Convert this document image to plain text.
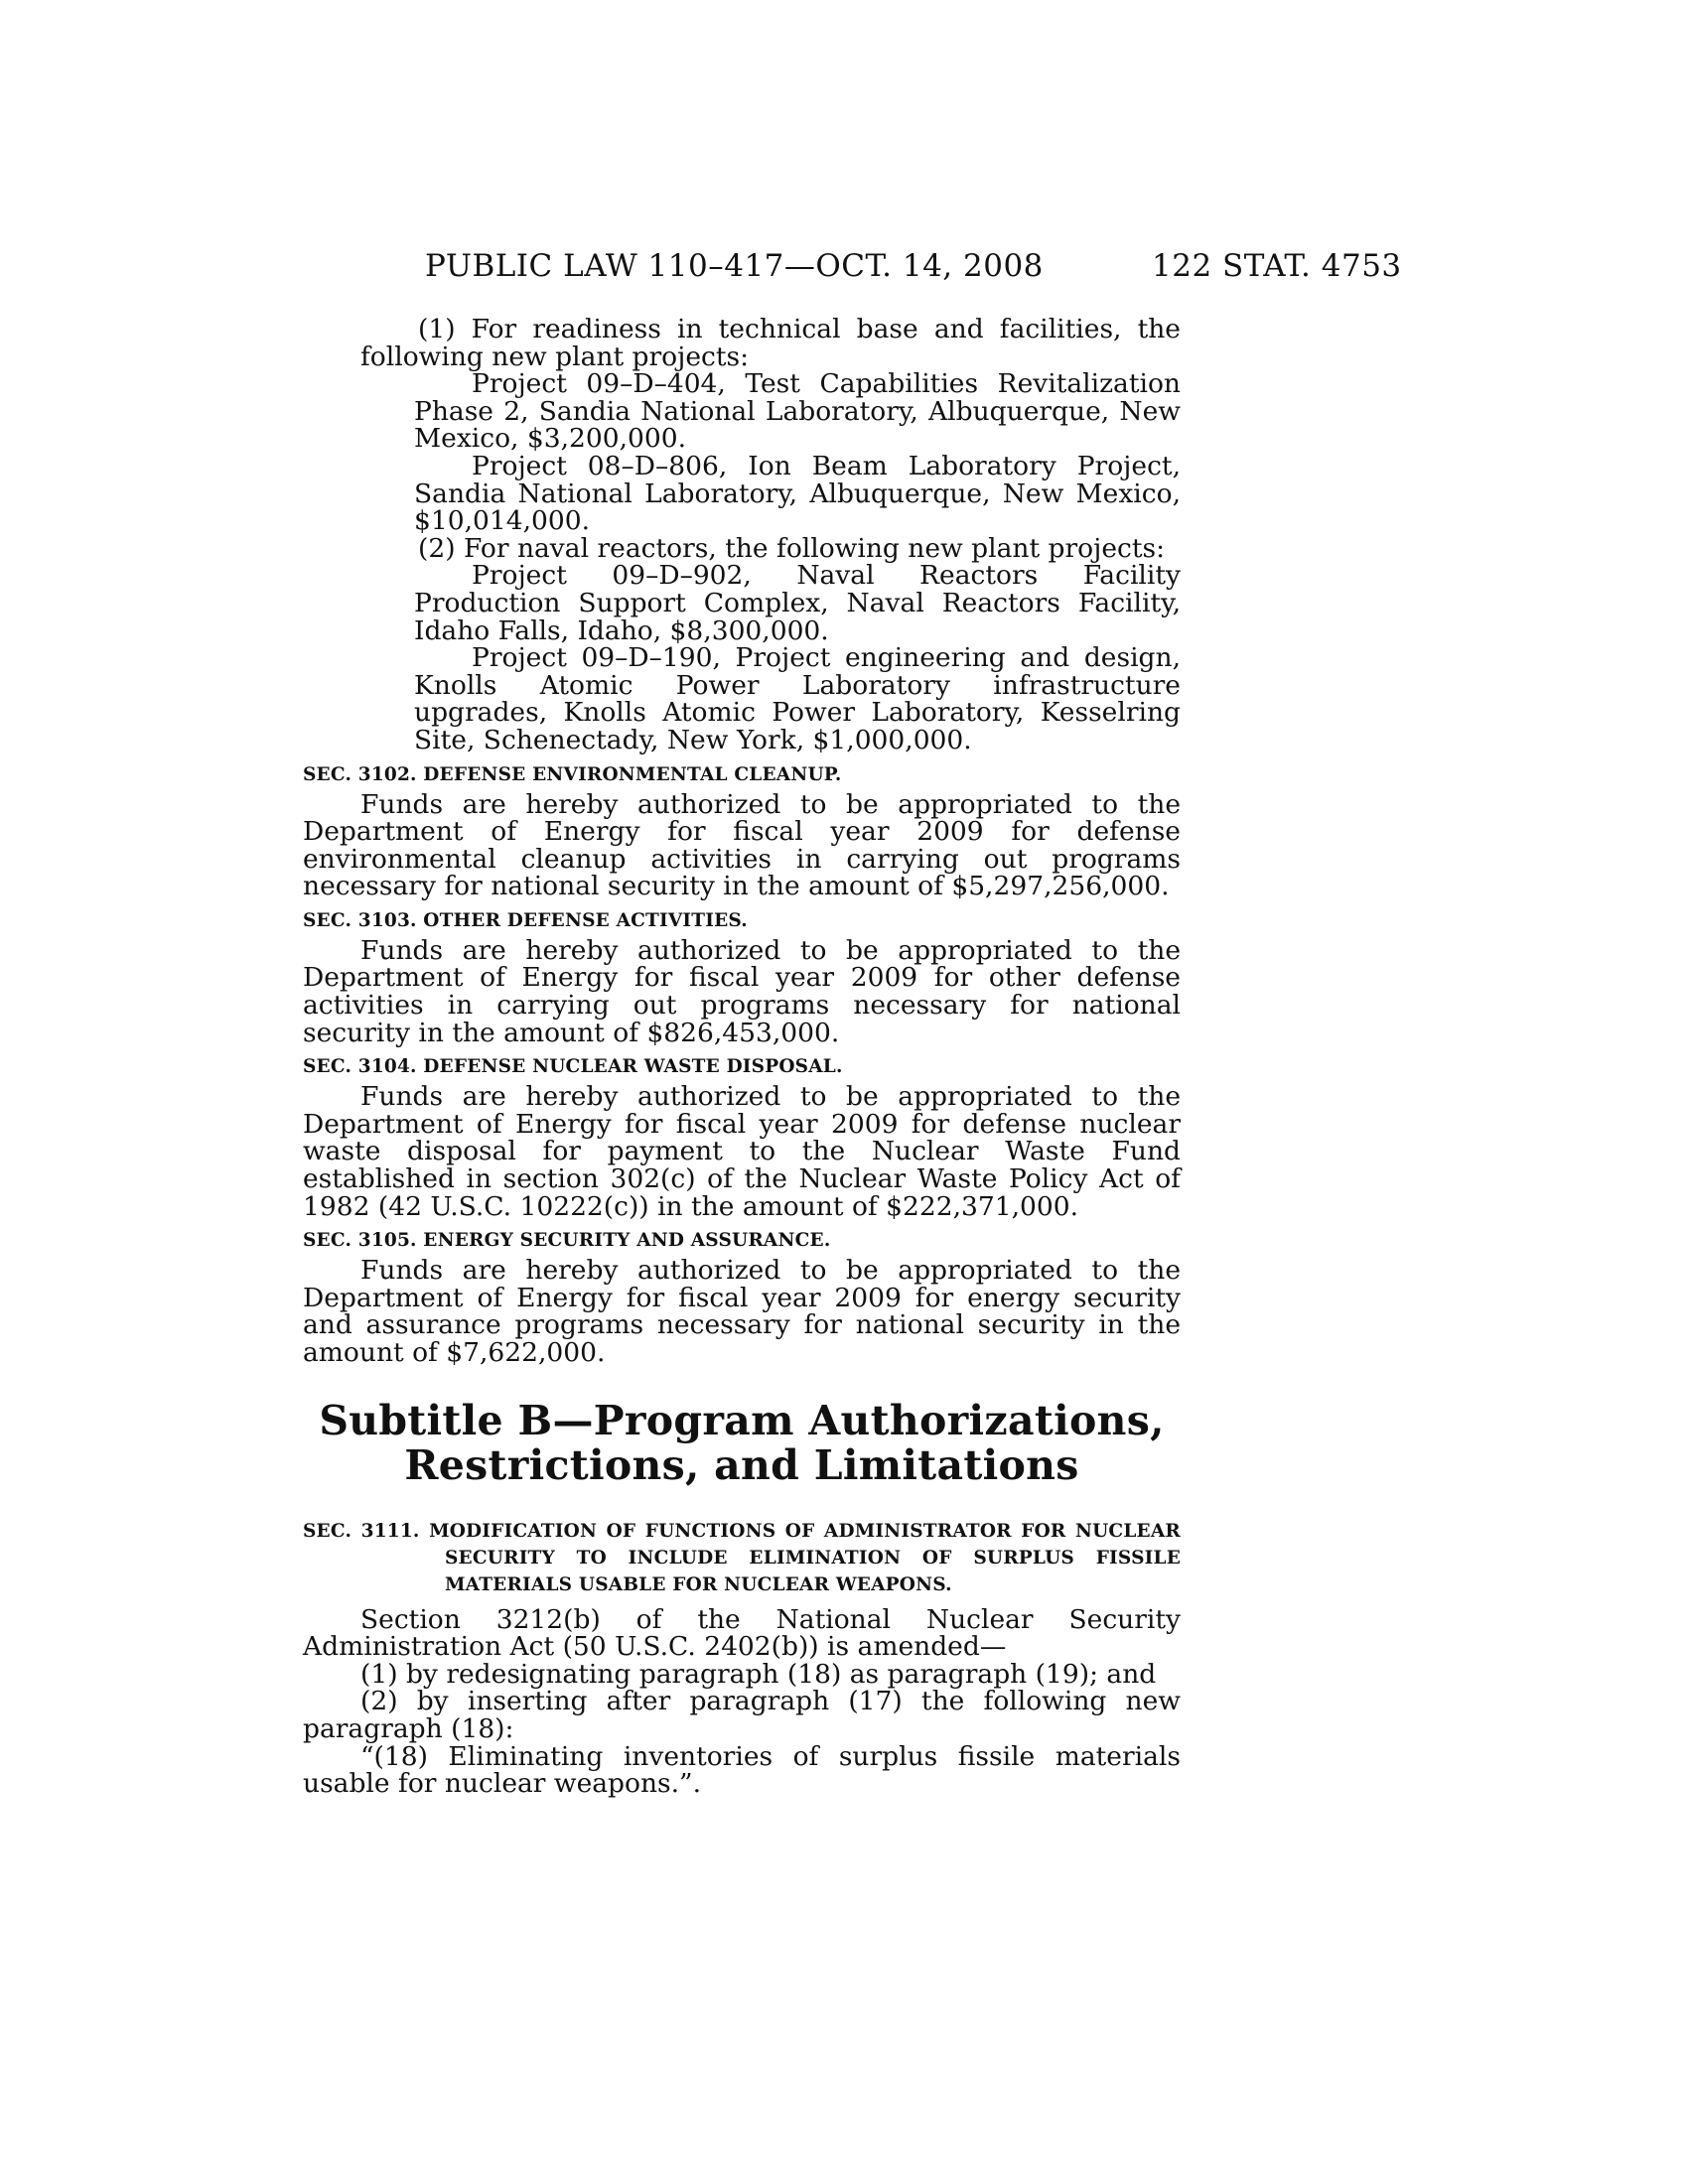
PUBLIC LAW 110–417—OCT. 14, 2008	122 STAT. 4753

(1) For readiness in technical base and facilities, the following new plant projects:

Project 09–D–404, Test Capabilities Revitalization Phase 2, Sandia National Laboratory, Albuquerque, New Mexico, $3,200,000.

Project 08–D–806, Ion Beam Laboratory Project, Sandia National Laboratory, Albuquerque, New Mexico, $10,014,000.

(2) For naval reactors, the following new plant projects:

Project 09–D–902, Naval Reactors Facility Production Support Complex, Naval Reactors Facility, Idaho Falls, Idaho, $8,300,000.

Project 09–D–190, Project engineering and design, Knolls Atomic Power Laboratory infrastructure upgrades, Knolls Atomic Power Laboratory, Kesselring Site, Schenectady, New York, $1,000,000.

SEC. 3102. DEFENSE ENVIRONMENTAL CLEANUP.

Funds are hereby authorized to be appropriated to the Department of Energy for fiscal year 2009 for defense environmental cleanup activities in carrying out programs necessary for national security in the amount of $5,297,256,000.

SEC. 3103. OTHER DEFENSE ACTIVITIES.

Funds are hereby authorized to be appropriated to the Department of Energy for fiscal year 2009 for other defense activities in carrying out programs necessary for national security in the amount of $826,453,000.

SEC. 3104. DEFENSE NUCLEAR WASTE DISPOSAL.

Funds are hereby authorized to be appropriated to the Department of Energy for fiscal year 2009 for defense nuclear waste disposal for payment to the Nuclear Waste Fund established in section 302(c) of the Nuclear Waste Policy Act of 1982 (42 U.S.C. 10222(c)) in the amount of $222,371,000.

SEC. 3105. ENERGY SECURITY AND ASSURANCE.

Funds are hereby authorized to be appropriated to the Department of Energy for fiscal year 2009 for energy security and assurance programs necessary for national security in the amount of $7,622,000.

Subtitle B—Program Authorizations,
Restrictions, and Limitations
SEC. 3111. MODIFICATION OF FUNCTIONS OF ADMINISTRATOR FOR NUCLEAR SECURITY TO INCLUDE ELIMINATION OF SURPLUS FISSILE MATERIALS USABLE FOR NUCLEAR WEAPONS.

Section 3212(b) of the National Nuclear Security Administration Act (50 U.S.C. 2402(b)) is amended—

(1) by redesignating paragraph (18) as paragraph (19); and

(2) by inserting after paragraph (17) the following new paragraph (18):

“(18) Eliminating inventories of surplus fissile materials usable for nuclear weapons.”.
